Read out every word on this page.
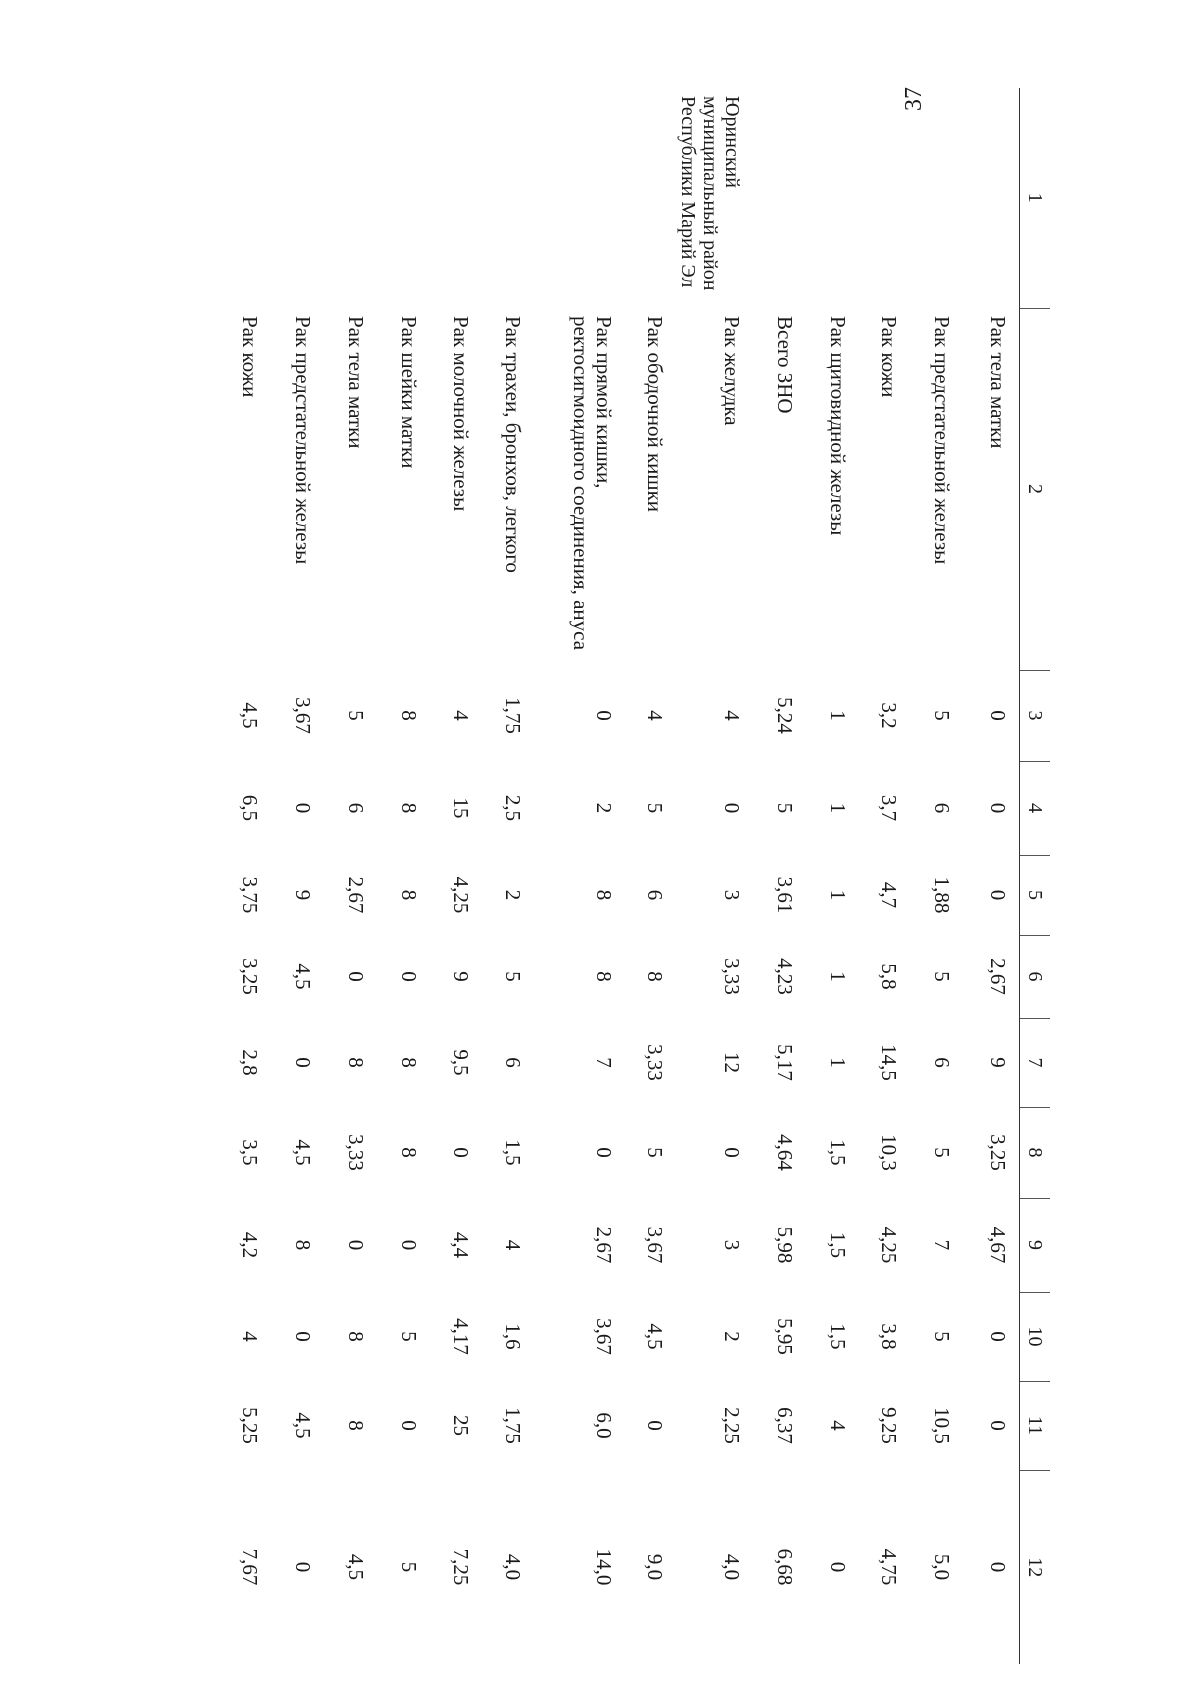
37
1	2	3	4	5	6	7	8	9	10	11	12
	Рак тела матки	0	0	0	2,67	9	3,25	4,67	0	0	0
	Рак предстательной железы	5	6	1,88	5	6	5	7	5	10,5	5,0
	Рак кожи	3,2	3,7	4,7	5,8	14,5	10,3	4,25	3,8	9,25	4,75
	Рак щитовидной железы	1	1	1	1	1	1,5	1,5	1,5	4	0
	Всего ЗНО	5,24	5	3,61	4,23	5,17	4,64	5,98	5,95	6,37	6,68
Юринский муниципальный район Республики Марий Эл	Рак желудка	4	0	3	3,33	12	0	3	2	2,25	4,0
	Рак ободочной кишки	4	5	6	8	3,33	5	3,67	4,5	0	9,0
	Рак прямой кишки, ректосигмоидного соединения, ануса	0	2	8	8	7	0	2,67	3,67	6,0	14,0
	Рак трахеи, бронхов, легкого	1,75	2,5	2	5	6	1,5	4	1,6	1,75	4,0
	Рак молочной железы	4	15	4,25	9	9,5	0	4,4	4,17	25	7,25
	Рак шейки матки	8	8	8	0	8	8	0	5	0	5
	Рак тела матки	5	6	2,67	0	8	3,33	0	8	8	4,5
	Рак предстательной железы	3,67	0	9	4,5	0	4,5	8	0	4,5	0
	Рак кожи	4,5	6,5	3,75	3,25	2,8	3,5	4,2	4	5,25	7,67
